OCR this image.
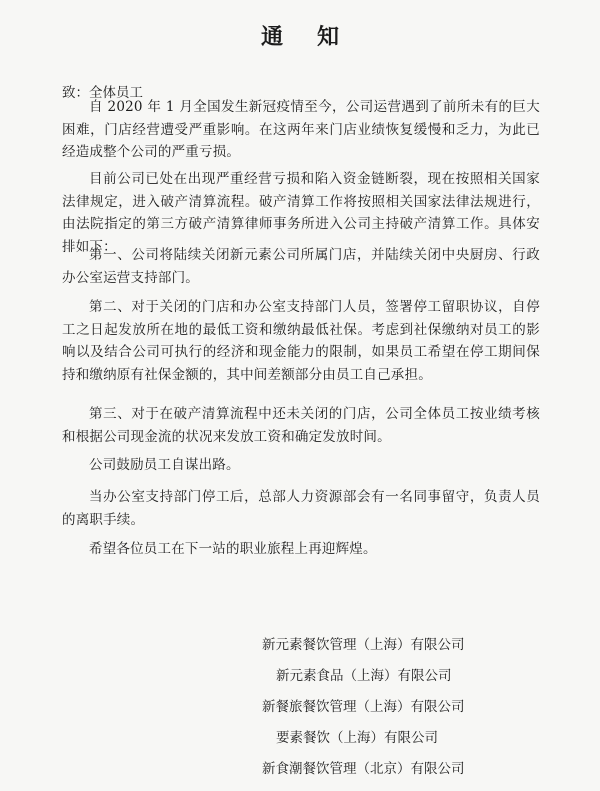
通知
致：全体员工
自 2020 年 1 月全国发生新冠疫情至今，公司运营遇到了前所未有的巨大困难，门店经营遭受严重影响。在这两年来门店业绩恢复缓慢和乏力，为此已经造成整个公司的严重亏损。
目前公司已处在出现严重经营亏损和陷入资金链断裂，现在按照相关国家法律规定，进入破产清算流程。破产清算工作将按照相关国家法律法规进行，由法院指定的第三方破产清算律师事务所进入公司主持破产清算工作。具体安排如下：
第一、公司将陆续关闭新元素公司所属门店，并陆续关闭中央厨房、行政办公室运营支持部门。
第二、对于关闭的门店和办公室支持部门人员，签署停工留职协议，自停工之日起发放所在地的最低工资和缴纳最低社保。考虑到社保缴纳对员工的影响以及结合公司可执行的经济和现金能力的限制，如果员工希望在停工期间保持和缴纳原有社保金额的，其中间差额部分由员工自己承担。
第三、对于在破产清算流程中还未关闭的门店，公司全体员工按业绩考核和根据公司现金流的状况来发放工资和确定发放时间。
公司鼓励员工自谋出路。
当办公室支持部门停工后，总部人力资源部会有一名同事留守，负责人员的离职手续。
希望各位员工在下一站的职业旅程上再迎辉煌。
新元素餐饮管理（上海）有限公司
新元素食品（上海）有限公司
新餐旅餐饮管理（上海）有限公司
要素餐饮（上海）有限公司
新食潮餐饮管理（北京）有限公司
